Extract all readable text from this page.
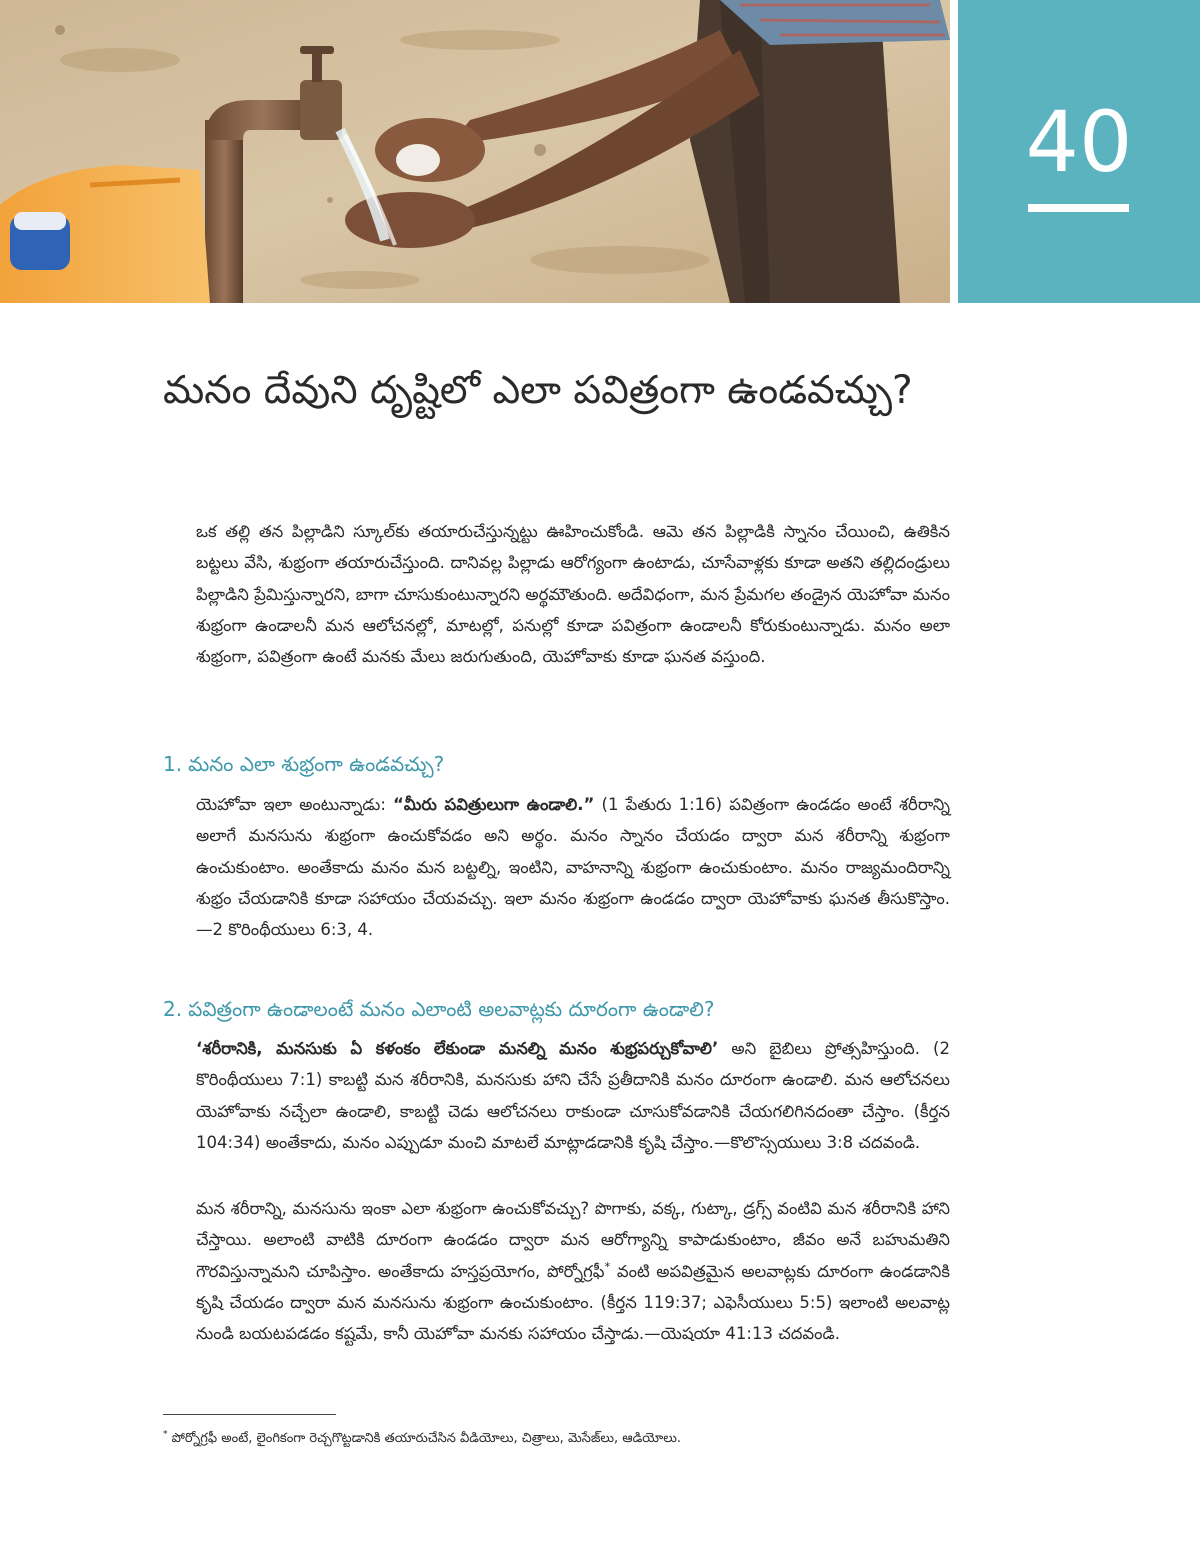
40
మనం దేవుని దృష్టిలో ఎలా పవిత్రంగా ఉండవచ్చు?

ఒక తల్లి తన పిల్లాడిని స్కూల్‌కు తయారుచేస్తున్నట్టు ఊహించుకోండి. ఆమె తన పిల్లాడికి స్నానం చేయించి, ఉతికిన బట్టలు వేసి, శుభ్రంగా తయారుచేస్తుంది. దానివల్ల పిల్లాడు ఆరోగ్యంగా ఉంటాడు, చూసేవాళ్లకు కూడా అతని తల్లిదండ్రులు పిల్లాడిని ప్రేమిస్తున్నారని, బాగా చూసుకుంటున్నారని అర్థమౌతుంది. అదేవిధంగా, మన ప్రేమగల తండ్రైన యెహోవా మనం శుభ్రంగా ఉండాలనీ మన ఆలోచనల్లో, మాటల్లో, పనుల్లో కూడా పవిత్రంగా ఉండాలనీ కోరుకుంటున్నాడు. మనం అలా శుభ్రంగా, పవిత్రంగా ఉంటే మనకు మేలు జరుగుతుంది, యెహోవాకు కూడా ఘనత వస్తుంది.

1. మనం ఎలా శుభ్రంగా ఉండవచ్చు?

యెహోవా ఇలా అంటున్నాడు: “మీరు పవిత్రులుగా ఉండాలి.” (1 పేతురు 1:16) పవిత్రంగా ఉండడం అంటే శరీరాన్ని అలాగే మనసును శుభ్రంగా ఉంచుకోవడం అని అర్థం. మనం స్నానం చేయడం ద్వారా మన శరీరాన్ని శుభ్రంగా ఉంచుకుంటాం. అంతేకాదు మనం మన బట్టల్ని, ఇంటిని, వాహనాన్ని శుభ్రంగా ఉంచుకుంటాం. మనం రాజ్యమందిరాన్ని శుభ్రం చేయడానికి కూడా సహాయం చేయవచ్చు. ఇలా మనం శుభ్రంగా ఉండడం ద్వారా యెహోవాకు ఘనత తీసుకొస్తాం. —2 కొరింథీయులు 6:3, 4.

2. పవిత్రంగా ఉండాలంటే మనం ఎలాంటి అలవాట్లకు దూరంగా ఉండాలి?

‘శరీరానికి, మనసుకు ఏ కళంకం లేకుండా మనల్ని మనం శుభ్రపర్చుకోవాలి’ అని బైబిలు ప్రోత్సహిస్తుంది. (2 కొరింథీయులు 7:1) కాబట్టి మన శరీరానికి, మనసుకు హాని చేసే ప్రతీదానికి మనం దూరంగా ఉండాలి. మన ఆలోచనలు యెహోవాకు నచ్చేలా ఉండాలి, కాబట్టి చెడు ఆలోచనలు రాకుండా చూసుకోవడానికి చేయగలిగినదంతా చేస్తాం. (కీర్తన 104:34) అంతేకాదు, మనం ఎప్పుడూ మంచి మాటలే మాట్లాడడానికి కృషి చేస్తాం.—కొలొస్సయులు 3:8 చదవండి.

మన శరీరాన్ని, మనసును ఇంకా ఎలా శుభ్రంగా ఉంచుకోవచ్చు? పొగాకు, వక్క, గుట్కా, డ్రగ్స్ వంటివి మన శరీరానికి హాని చేస్తాయి. అలాంటి వాటికి దూరంగా ఉండడం ద్వారా మన ఆరోగ్యాన్ని కాపాడుకుంటాం, జీవం అనే బహుమతిని గౌరవిస్తున్నామని చూపిస్తాం. అంతేకాదు హస్తప్రయోగం, పోర్నోగ్రఫీ* వంటి అపవిత్రమైన అలవాట్లకు దూరంగా ఉండడానికి కృషి చేయడం ద్వారా మన మనసును శుభ్రంగా ఉంచుకుంటాం. (కీర్తన 119:37; ఎఫెసీయులు 5:5) ఇలాంటి అలవాట్ల నుండి బయటపడడం కష్టమే, కానీ యెహోవా మనకు సహాయం చేస్తాడు.—యెషయా 41:13 చదవండి.

* పోర్నోగ్రఫీ అంటే, లైంగికంగా రెచ్చగొట్టడానికి తయారుచేసిన వీడియోలు, చిత్రాలు, మెసేజ్‌లు, ఆడియోలు.
